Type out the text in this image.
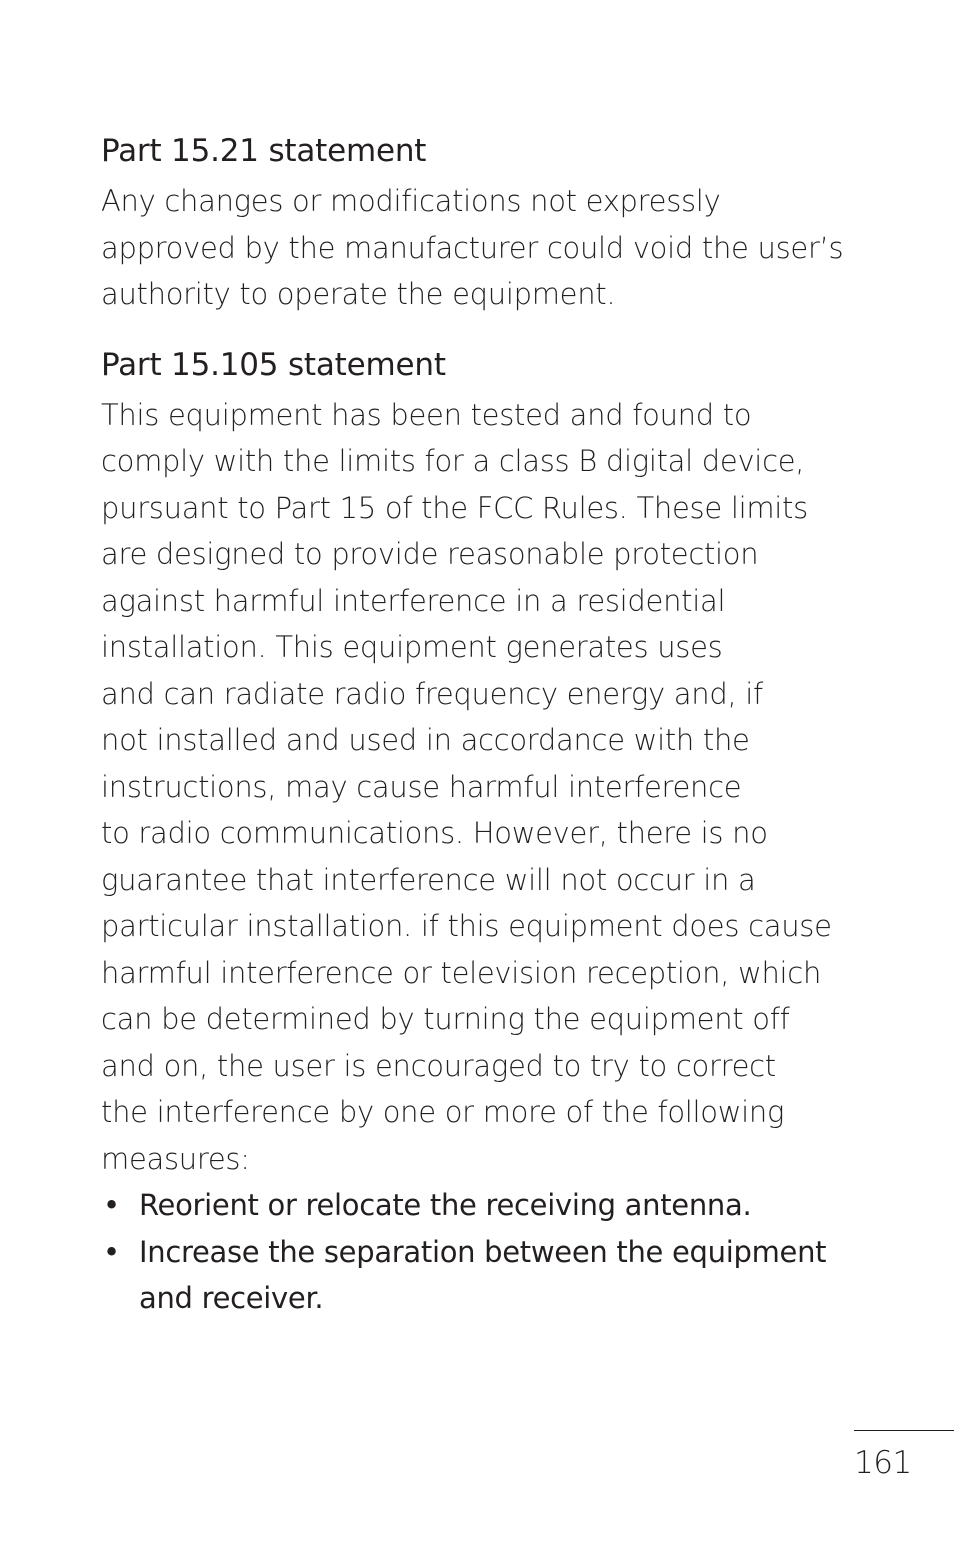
Part 15.21 statement

Any changes or modifications not expressly
approved by the manufacturer could void the user’s
authority to operate the equipment.

Part 15.105 statement

This equipment has been tested and found to
comply with the limits for a class B digital device,
pursuant to Part 15 of the FCC Rules. These limits
are designed to provide reasonable protection
against harmful interference in a residential
installation. This equipment generates uses
and can radiate radio frequency energy and, if
not installed and used in accordance with the
instructions, may cause harmful interference
to radio communications. However, there is no
guarantee that interference will not occur in a
particular installation. if this equipment does cause
harmful interference or television reception, which
can be determined by turning the equipment off
and on, the user is encouraged to try to correct
the interference by one or more of the following
measures:

• Reorient or relocate the receiving antenna.
• Increase the separation between the equipment
and receiver.
161
